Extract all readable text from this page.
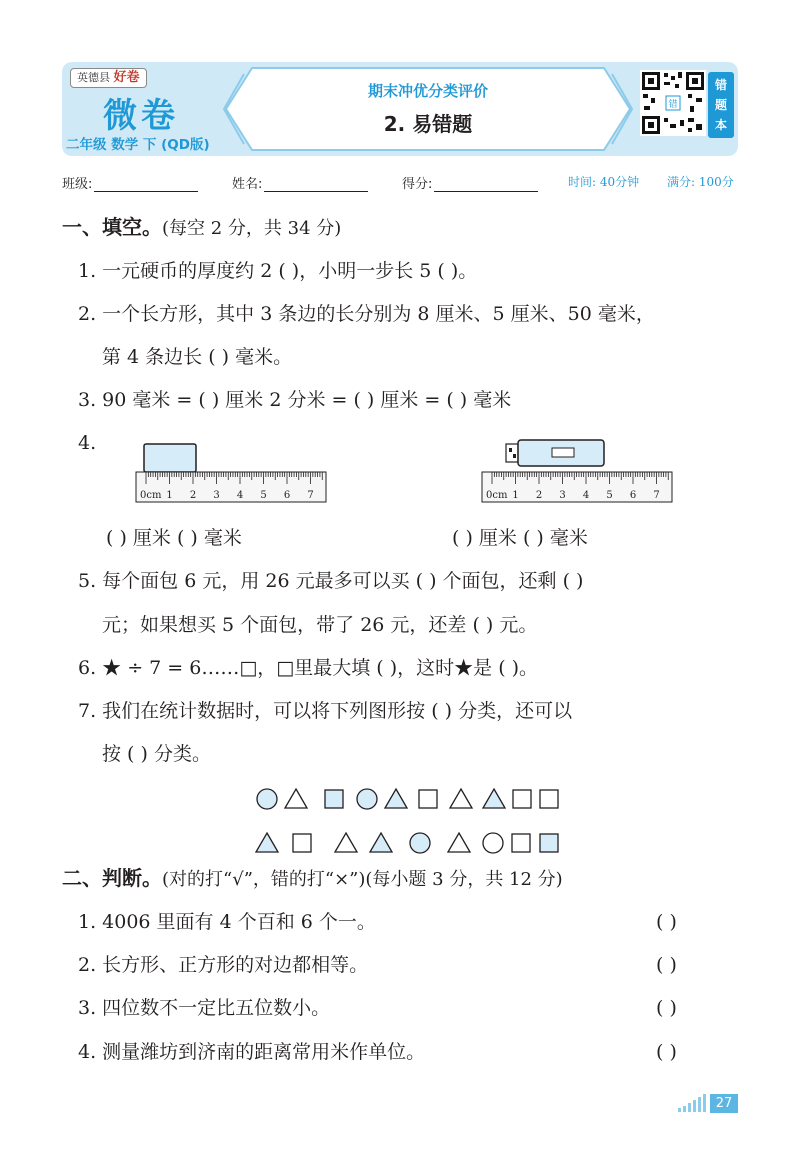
英德县 好卷
微卷
二年级 数学 下 (QD版)
期末冲优分类评价
2. 易错题
错
错
题
本
班级:	姓名:	得分:	时间: 40分钟 满分: 100分
一、填空。(每空 2 分，共 34 分)
1. 一元硬币的厚度约 2 ( )，小明一步长 5 ( )。
2. 一个长方形，其中 3 条边的长分别为 8 厘米、5 厘米、50 毫米，
第 4 条边长 ( ) 毫米。
3. 90 毫米 = ( ) 厘米 2 分米 = ( ) 厘米 = ( ) 毫米
4.
0cm 1 2 3 4 5 6 7	0cm 1 2 3 4 5 6 7
( ) 厘米 ( ) 毫米	( ) 厘米 ( ) 毫米
5. 每个面包 6 元，用 26 元最多可以买 ( ) 个面包，还剩 ( )
元；如果想买 5 个面包，带了 26 元，还差 ( ) 元。
6. ★ ÷ 7 = 6……□，□里最大填 ( )，这时★是 ( )。
7. 我们在统计数据时，可以将下列图形按 ( ) 分类，还可以
按 ( ) 分类。
二、判断。(对的打“√”，错的打“×”)(每小题 3 分，共 12 分)
1. 4006 里面有 4 个百和 6 个一。	( )
2. 长方形、正方形的对边都相等。	( )
3. 四位数不一定比五位数小。	( )
4. 测量潍坊到济南的距离常用米作单位。	( )
27
